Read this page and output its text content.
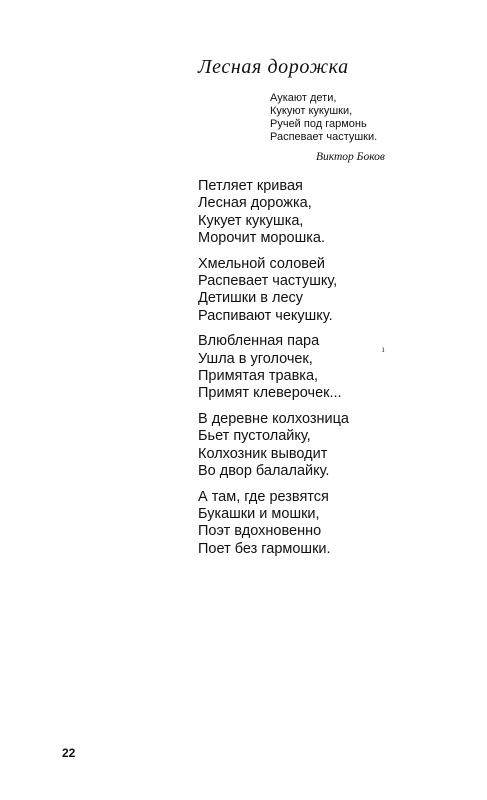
Лесная дорожка
Аукают дети,
Кукуют кукушки,
Ручей под гармонь
Распевает частушки.
Виктор Боков
Петляет кривая
Лесная дорожка,
Кукует кукушка,
Морочит морошка.
Хмельной соловей
Распевает частушку,
Детишки в лесу
Распивают чекушку.
Влюбленная пара
Ушла в уголочек,
Примятая травка,
Примят клеверочек...
В деревне колхозница
Бьет пустолайку,
Колхозник выводит
Во двор балалайку.
А там, где резвятся
Букашки и мошки,
Поэт вдохновенно
Поет без гармошки.
ı
22
